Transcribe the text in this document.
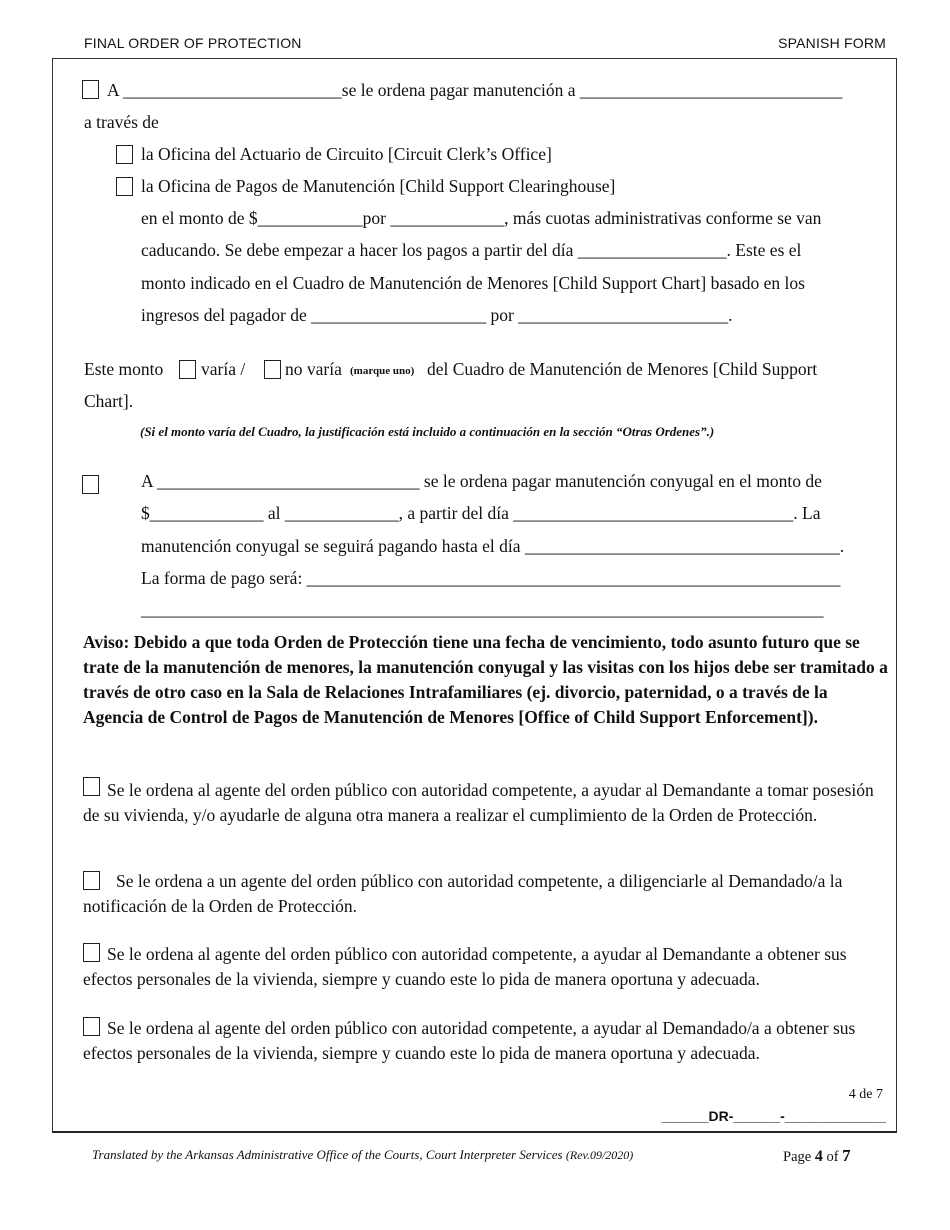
FINAL ORDER OF PROTECTION	SPANISH FORM
A _________________________se le ordena pagar manutención a ______________________________
a través de
la Oficina del Actuario de Circuito [Circuit Clerk’s Office]
la Oficina de Pagos de Manutención [Child Support Clearinghouse]
en el monto de $____________por _____________, más cuotas administrativas conforme se van
caducando. Se debe empezar a hacer los pagos a partir del día _________________. Este es el
monto indicado en el Cuadro de Manutención de Menores [Child Support Chart] basado en los
ingresos del pagador de ____________________ por ________________________.
Este monto varía / no varía (marque uno) del Cuadro de Manutención de Menores [Child Support
Chart].
(Si el monto varía del Cuadro, la justificación está incluido a continuación en la sección “Otras Ordenes”.)
A ______________________________ se le ordena pagar manutención conyugal en el monto de
$_____________ al _____________, a partir del día ________________________________. La
manutención conyugal se seguirá pagando hasta el día ____________________________________.
La forma de pago será: _____________________________________________________________
______________________________________________________________________________
Aviso: Debido a que toda Orden de Protección tiene una fecha de vencimiento, todo asunto futuro que se trate de la manutención de menores, la manutención conyugal y las visitas con los hijos debe ser tramitado a través de otro caso en la Sala de Relaciones Intrafamiliares (ej. divorcio, paternidad, o a través de la Agencia de Control de Pagos de Manutención de Menores [Office of Child Support Enforcement]).
Se le ordena al agente del orden público con autoridad competente, a ayudar al Demandante a tomar posesión de su vivienda, y/o ayudarle de alguna otra manera a realizar el cumplimiento de la Orden de Protección.
Se le ordena a un agente del orden público con autoridad competente, a diligenciarle al Demandado/a la notificación de la Orden de Protección.
Se le ordena al agente del orden público con autoridad competente, a ayudar al Demandante a obtener sus efectos personales de la vivienda, siempre y cuando este lo pida de manera oportuna y adecuada.
Se le ordena al agente del orden público con autoridad competente, a ayudar al Demandado/a a obtener sus efectos personales de la vivienda, siempre y cuando este lo pida de manera oportuna y adecuada.
4 de 7
______DR-______-_____________
Translated by the Arkansas Administrative Office of the Courts, Court Interpreter Services (Rev.09/2020)	Page 4 of 7
